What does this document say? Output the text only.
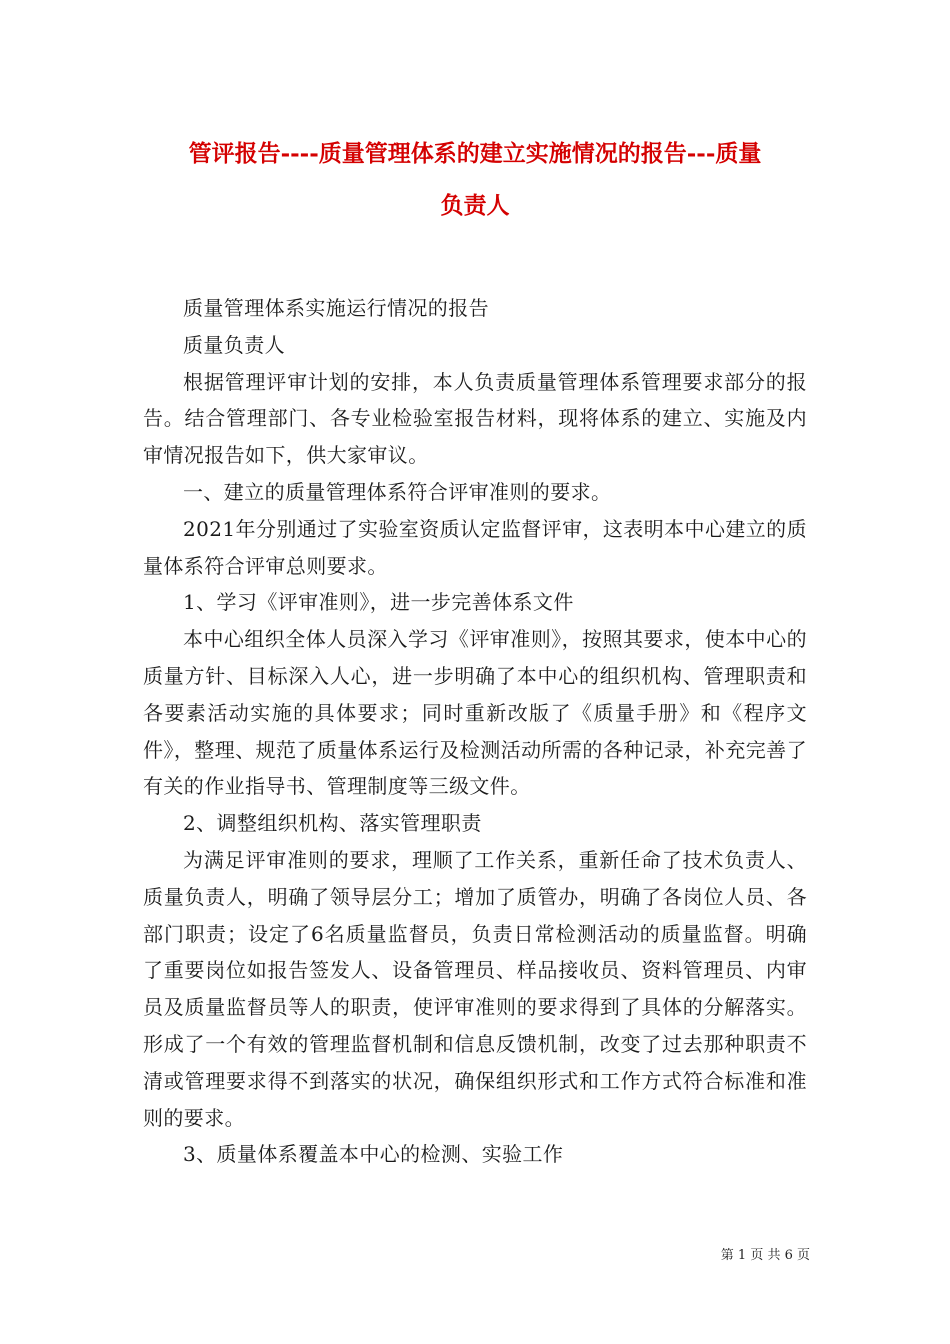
管评报告----质量管理体系的建立实施情况的报告---质量
负责人

质量管理体系实施运行情况的报告

质量负责人

根据管理评审计划的安排，本人负责质量管理体系管理要求部分的报告。结合管理部门、各专业检验室报告材料，现将体系的建立、实施及内审情况报告如下，供大家审议。

一、建立的质量管理体系符合评审准则的要求。

2021年分别通过了实验室资质认定监督评审，这表明本中心建立的质量体系符合评审总则要求。

1、学习《评审准则》，进一步完善体系文件

本中心组织全体人员深入学习《评审准则》，按照其要求，使本中心的质量方针、目标深入人心，进一步明确了本中心的组织机构、管理职责和各要素活动实施的具体要求；同时重新改版了《质量手册》和《程序文件》，整理、规范了质量体系运行及检测活动所需的各种记录，补充完善了有关的作业指导书、管理制度等三级文件。

2、调整组织机构、落实管理职责

为满足评审准则的要求，理顺了工作关系，重新任命了技术负责人、质量负责人，明确了领导层分工；增加了质管办，明确了各岗位人员、各部门职责；设定了6名质量监督员，负责日常检测活动的质量监督。明确了重要岗位如报告签发人、设备管理员、样品接收员、资料管理员、内审员及质量监督员等人的职责，使评审准则的要求得到了具体的分解落实。形成了一个有效的管理监督机制和信息反馈机制，改变了过去那种职责不清或管理要求得不到落实的状况，确保组织形式和工作方式符合标准和准则的要求。

3、质量体系覆盖本中心的检测、实验工作

第 1 页 共 6 页
